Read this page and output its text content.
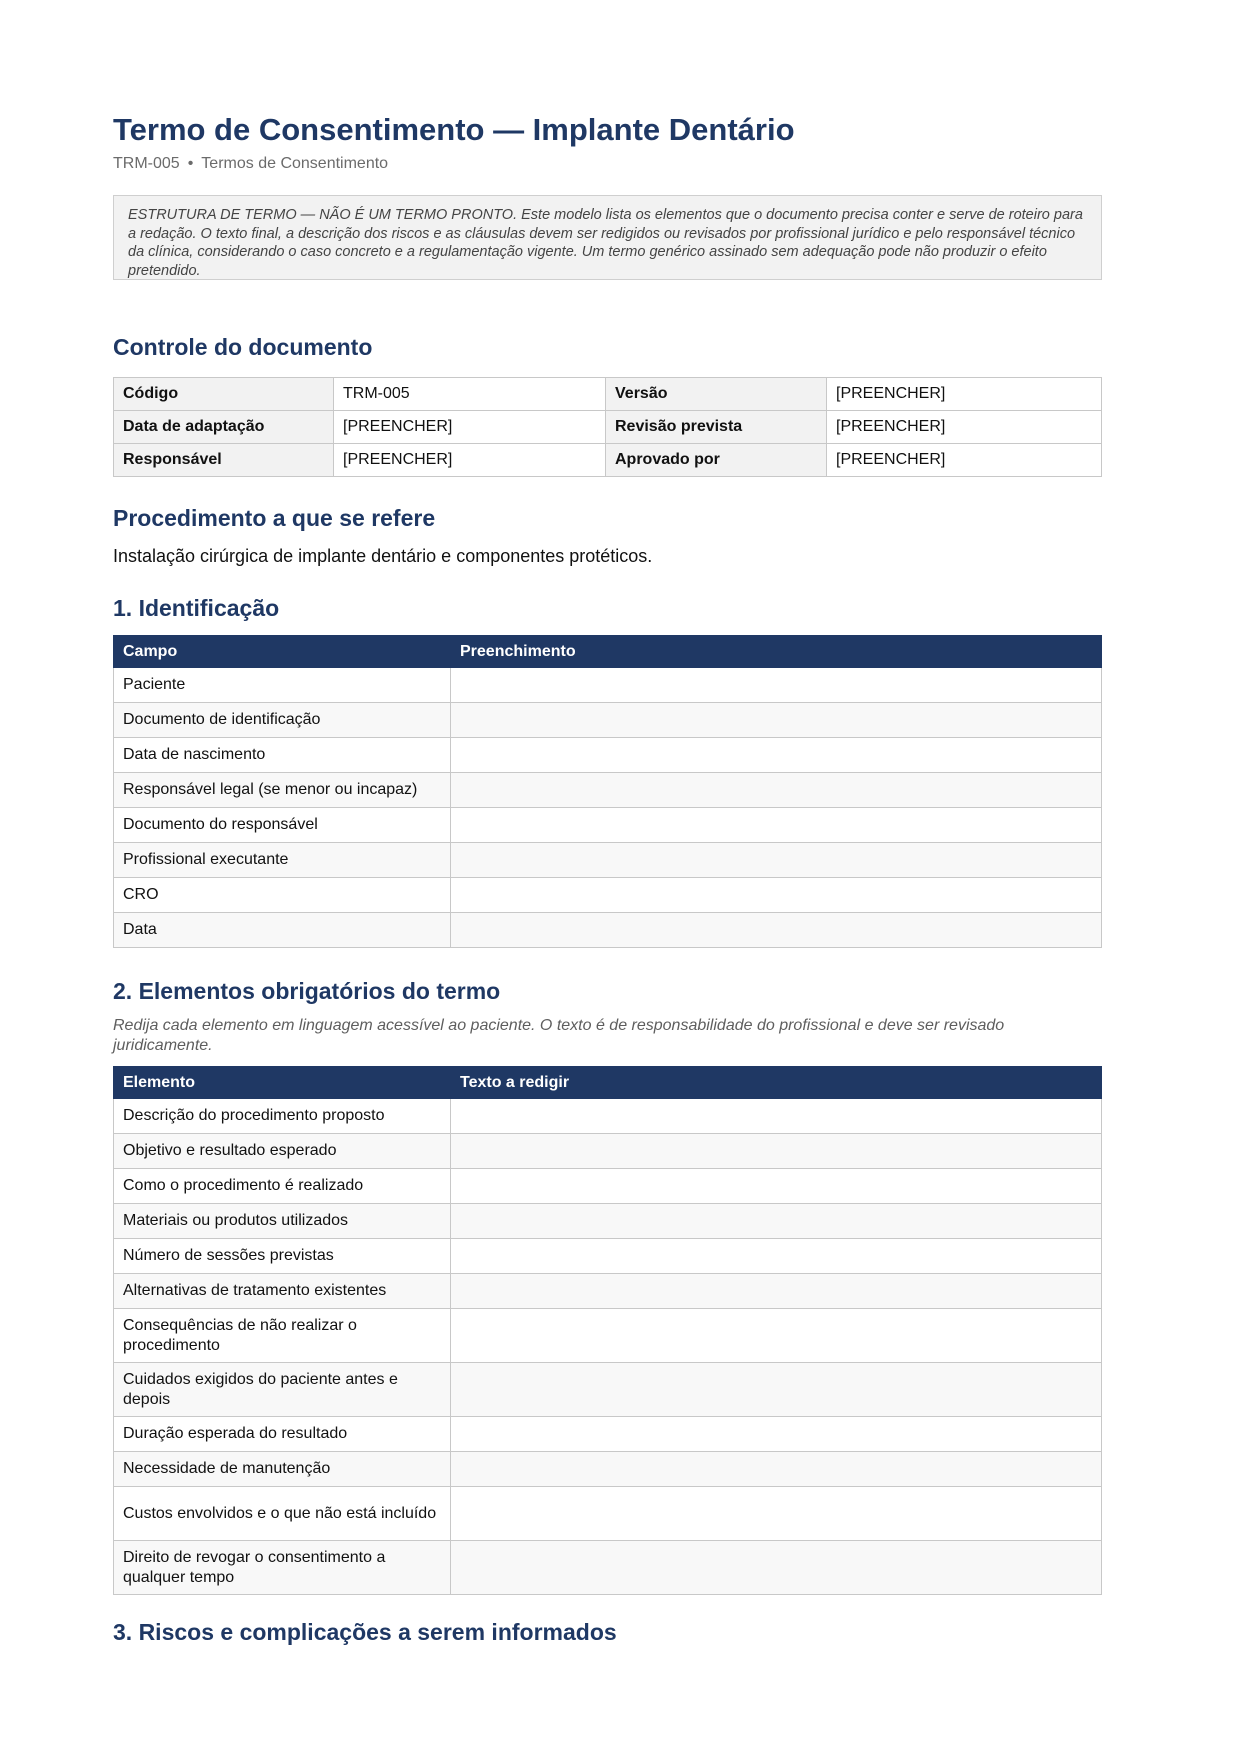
Termo de Consentimento — Implante Dentário
TRM-005 • Termos de Consentimento
ESTRUTURA DE TERMO — NÃO É UM TERMO PRONTO. Este modelo lista os elementos que o documento precisa conter e serve de roteiro para a redação. O texto final, a descrição dos riscos e as cláusulas devem ser redigidos ou revisados por profissional jurídico e pelo responsável técnico da clínica, considerando o caso concreto e a regulamentação vigente. Um termo genérico assinado sem adequação pode não produzir o efeito pretendido.
Controle do documento
Código	TRM-005	Versão	[PREENCHER]
Data de adaptação	[PREENCHER]	Revisão prevista	[PREENCHER]
Responsável	[PREENCHER]	Aprovado por	[PREENCHER]
Procedimento a que se refere
Instalação cirúrgica de implante dentário e componentes protéticos.
1. Identificação
Campo	Preenchimento
Paciente	
Documento de identificação	
Data de nascimento	
Responsável legal (se menor ou incapaz)	
Documento do responsável	
Profissional executante	
CRO	
Data	
2. Elementos obrigatórios do termo
Redija cada elemento em linguagem acessível ao paciente. O texto é de responsabilidade do profissional e deve ser revisado juridicamente.
Elemento	Texto a redigir
Descrição do procedimento proposto	
Objetivo e resultado esperado	
Como o procedimento é realizado	
Materiais ou produtos utilizados	
Número de sessões previstas	
Alternativas de tratamento existentes	
Consequências de não realizar o procedimento	
Cuidados exigidos do paciente antes e depois	
Duração esperada do resultado	
Necessidade de manutenção	
Custos envolvidos e o que não está incluído	
Direito de revogar o consentimento a qualquer tempo	
3. Riscos e complicações a serem informados
